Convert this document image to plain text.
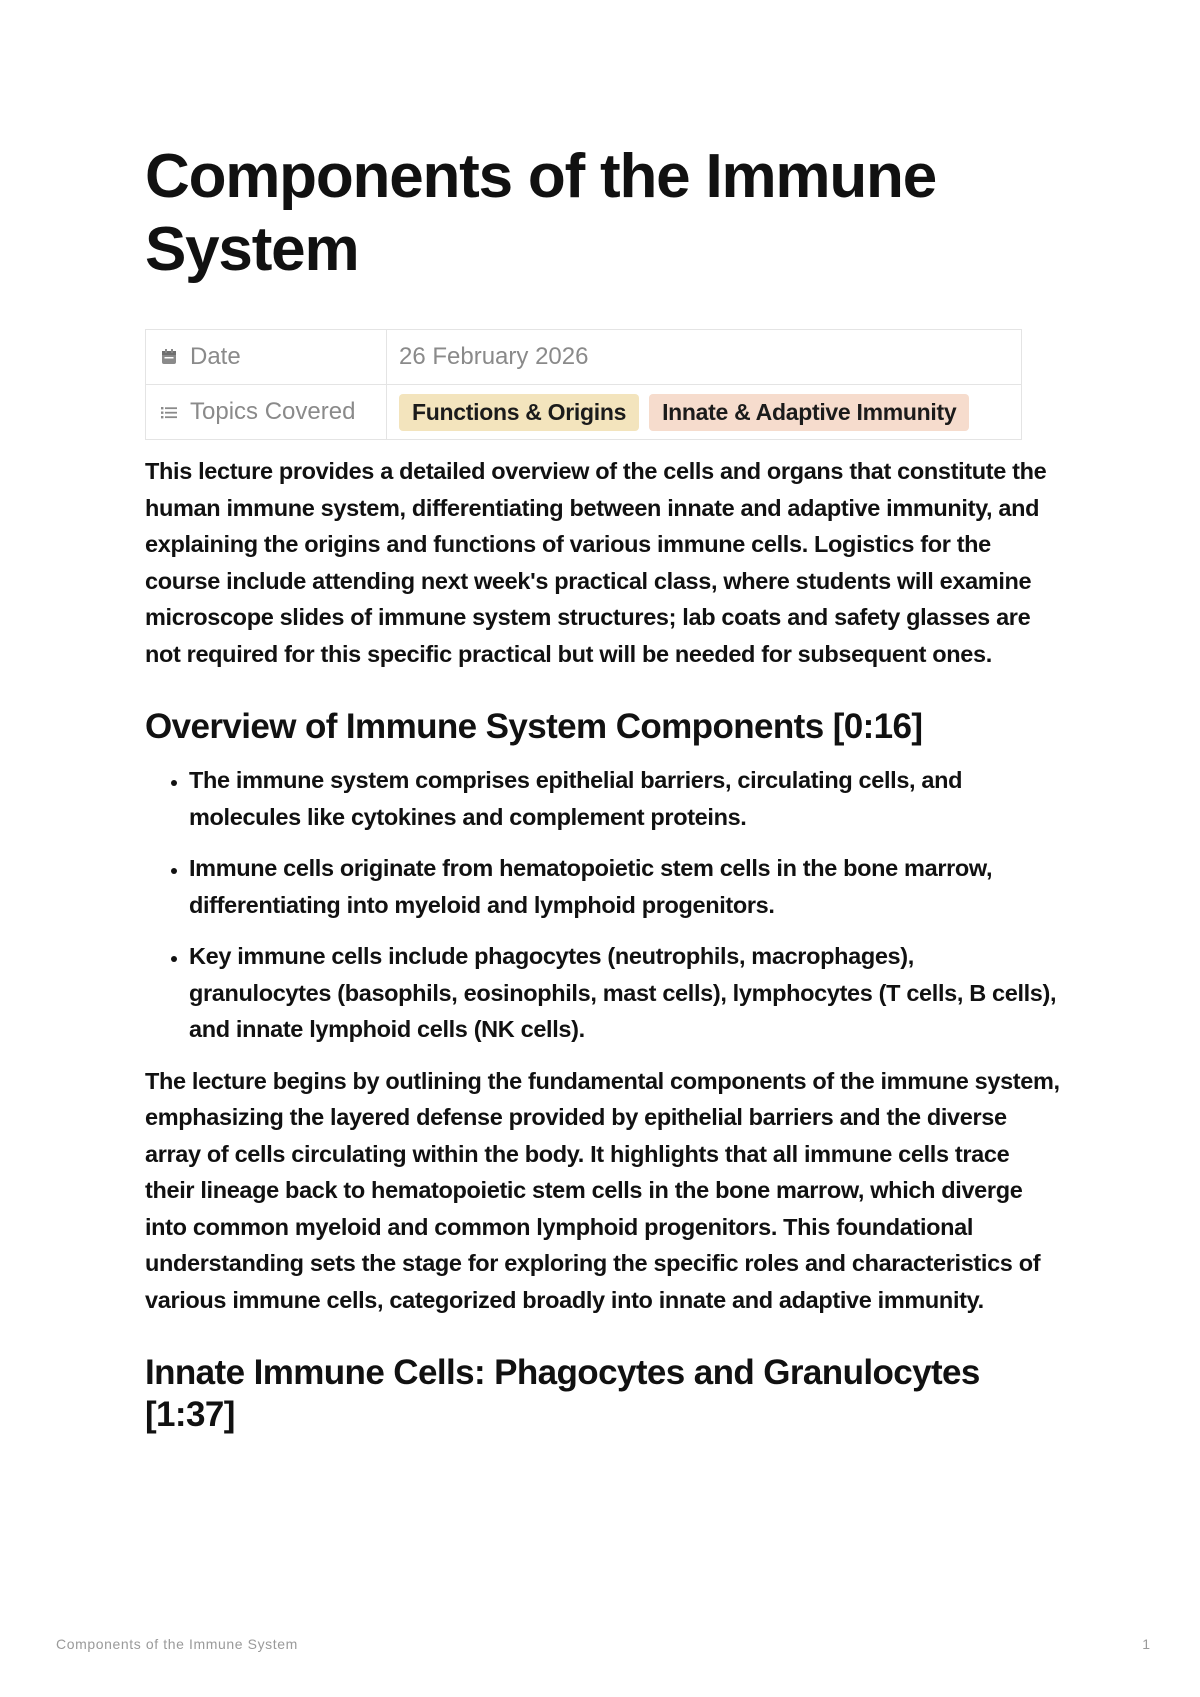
Components of the Immune System
Date	26 February 2026

Topics Covered	Functions & Origins Innate & Adaptive Immunity

This lecture provides a detailed overview of the cells and organs that constitute the human immune system, differentiating between innate and adaptive immunity, and explaining the origins and functions of various immune cells. Logistics for the course include attending next week's practical class, where students will examine microscope slides of immune system structures; lab coats and safety glasses are not required for this specific practical but will be needed for subsequent ones.

Overview of Immune System Components [0:16]
• The immune system comprises epithelial barriers, circulating cells, and molecules like cytokines and complement proteins.
• Immune cells originate from hematopoietic stem cells in the bone marrow, differentiating into myeloid and lymphoid progenitors.
• Key immune cells include phagocytes (neutrophils, macrophages), granulocytes (basophils, eosinophils, mast cells), lymphocytes (T cells, B cells), and innate lymphoid cells (NK cells).

The lecture begins by outlining the fundamental components of the immune system, emphasizing the layered defense provided by epithelial barriers and the diverse array of cells circulating within the body. It highlights that all immune cells trace their lineage back to hematopoietic stem cells in the bone marrow, which diverge into common myeloid and common lymphoid progenitors. This foundational understanding sets the stage for exploring the specific roles and characteristics of various immune cells, categorized broadly into innate and adaptive immunity.

Innate Immune Cells: Phagocytes and Granulocytes [1:37]
Components of the Immune System	1
